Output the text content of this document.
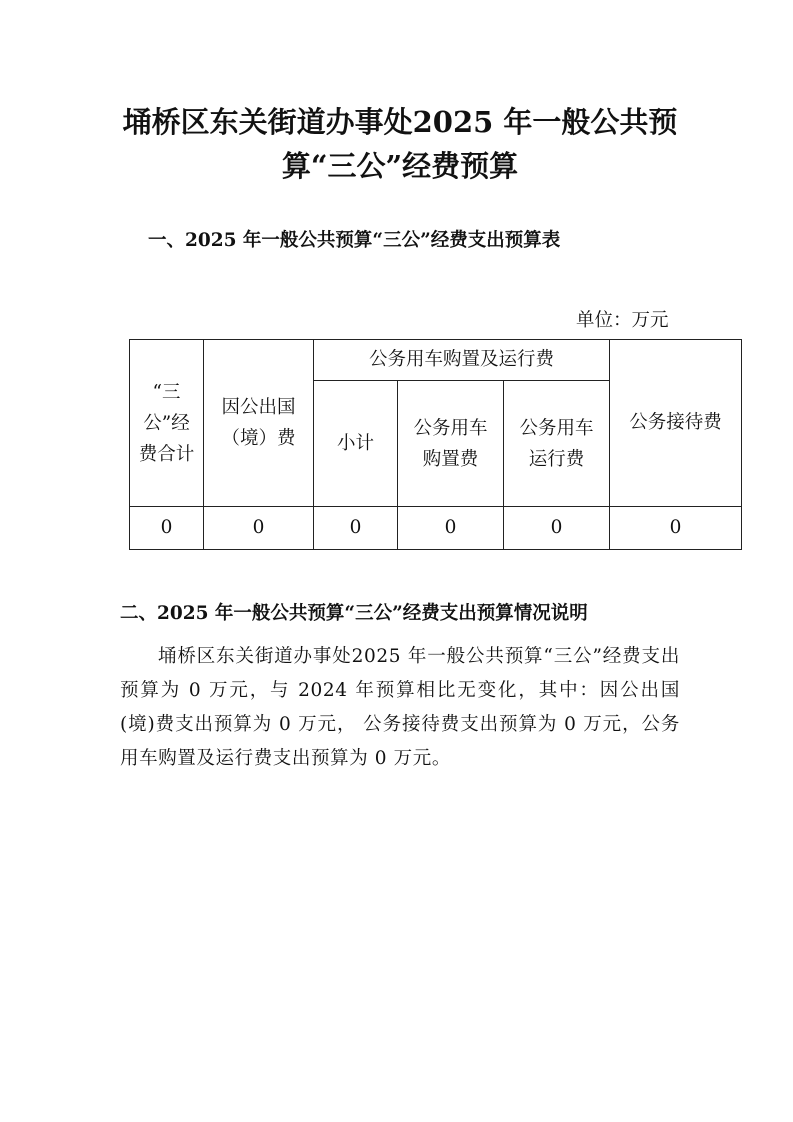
埇桥区东关街道办事处2025 年一般公共预
算“三公”经费预算
一、2025 年一般公共预算“三公”经费支出预算表
单位：万元
“三公”经费合计	因公出国（境）费	公务用车购置及运行费			公务接待费
		小计	公务用车购置费	公务用车运行费	

0	0	0	0	0	0
二、2025 年一般公共预算“三公”经费支出预算情况说明
埇桥区东关街道办事处2025 年一般公共预算“三公”经费支出预算为 0 万元，与 2024 年预算相比无变化，其中：因公出国(境)费支出预算为 0 万元， 公务接待费支出预算为 0 万元，公务用车购置及运行费支出预算为 0 万元。
